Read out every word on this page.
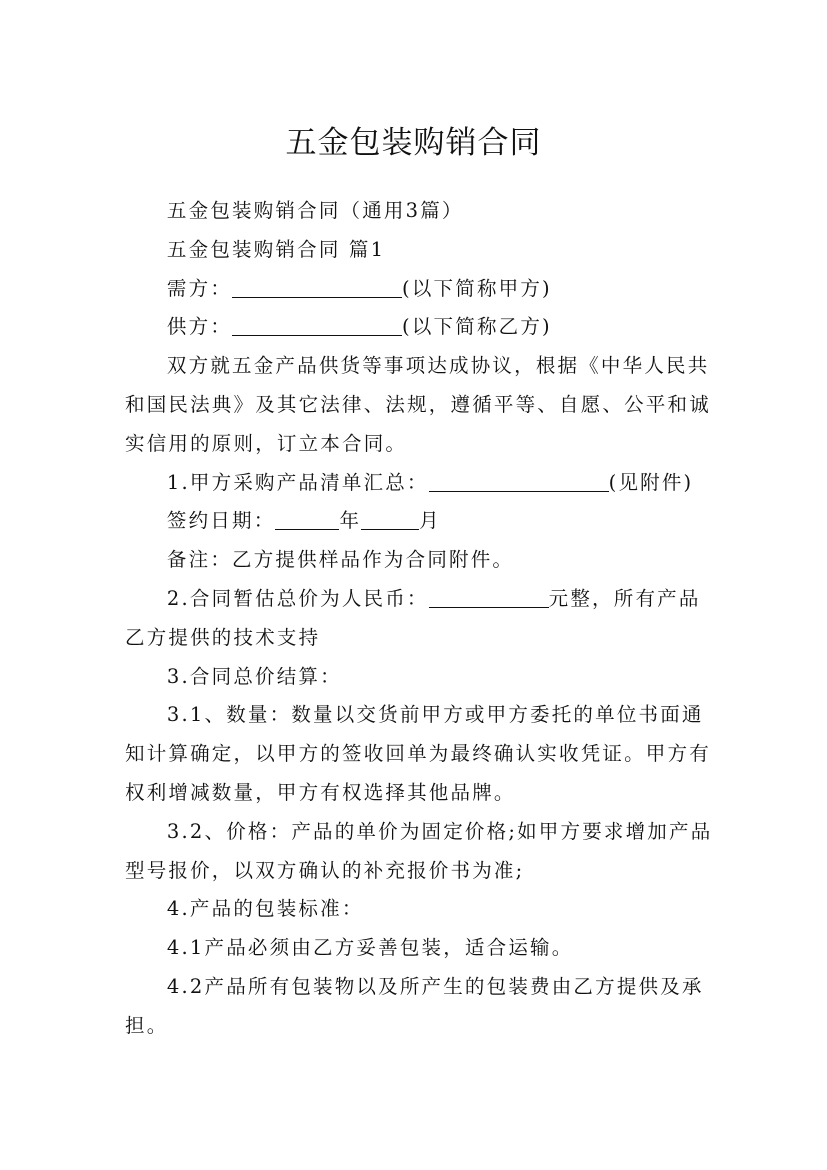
五金包装购销合同

五金包装购销合同（通用3篇）

五金包装购销合同 篇1

需方：	(以下简称甲方)

供方：	(以下简称乙方)

双方就五金产品供货等事项达成协议，根据《中华人民共和国民法典》及其它法律、法规，遵循平等、自愿、公平和诚实信用的原则，订立本合同。

1.甲方采购产品清单汇总：	(见附件)

签约日期：	年	月

备注：乙方提供样品作为合同附件。

2.合同暂估总价为人民币：	元整，所有产品乙方提供的技术支持

3.合同总价结算：

3.1、数量：数量以交货前甲方或甲方委托的单位书面通知计算确定，以甲方的签收回单为最终确认实收凭证。甲方有权利增减数量，甲方有权选择其他品牌。

3.2、价格：产品的单价为固定价格;如甲方要求增加产品型号报价，以双方确认的补充报价书为准;

4.产品的包装标准：

4.1产品必须由乙方妥善包装，适合运输。

4.2产品所有包装物以及所产生的包装费由乙方提供及承担。
